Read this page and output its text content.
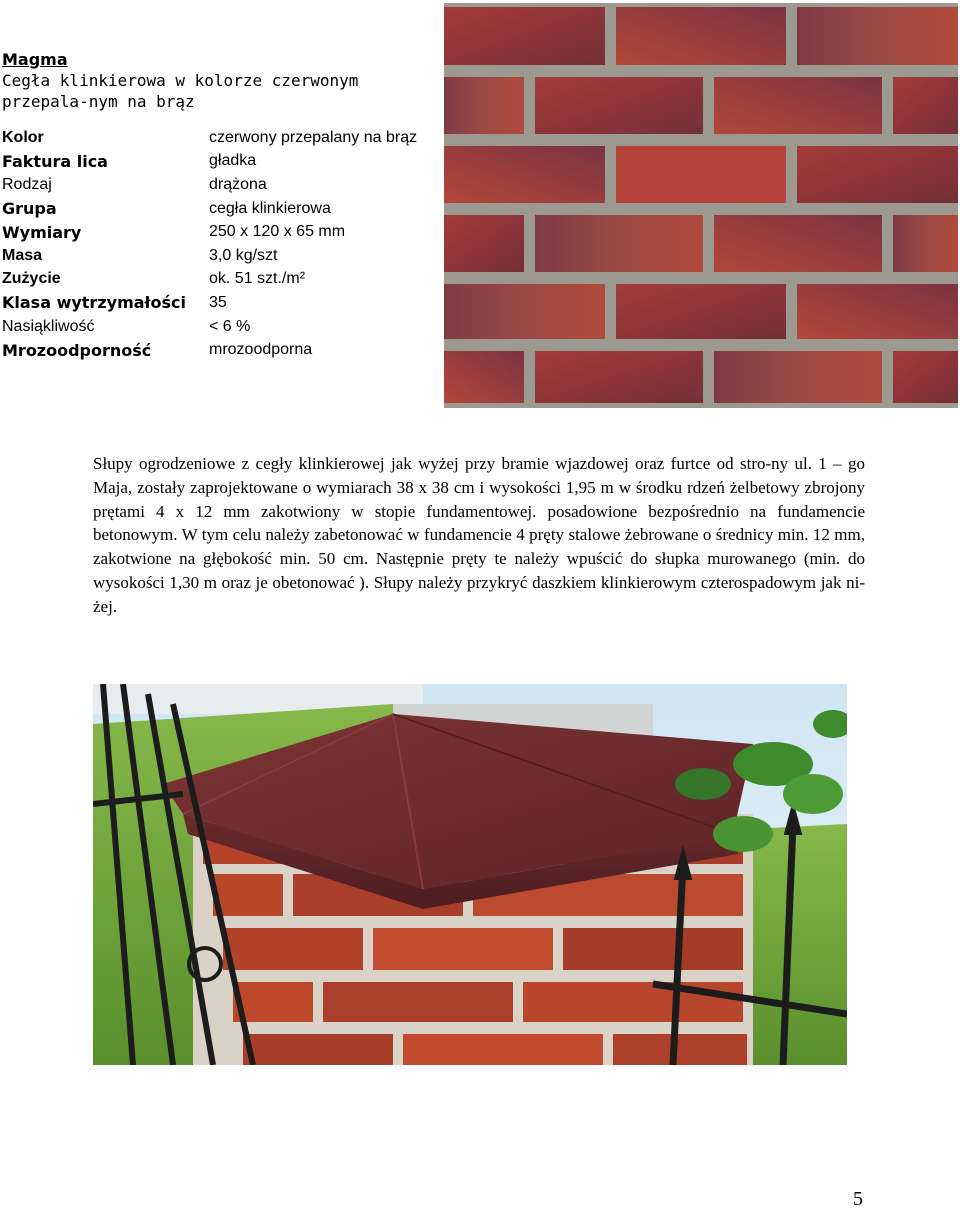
Magma

Cegła klinkierowa w kolorze czerwonym przepala-nym na brąz

Kolor	czerwony przepalany na brąz
Faktura lica	gładka
Rodzaj	drążona
Grupa	cegła klinkierowa
Wymiary	250 x 120 x 65 mm
Masa	3,0 kg/szt
Zużycie	ok. 51 szt./m²
Klasa wytrzymałości	35
Nasiąkliwość	< 6 %
Mrozoodporność	mrozoodporna

Słupy ogrodzeniowe z cegły klinkierowej jak wyżej przy bramie wjazdowej oraz furtce od stro-ny ul. 1 – go Maja, zostały zaprojektowane o wymiarach 38 x 38 cm i wysokości 1,95 m w środku rdzeń żelbetowy zbrojony prętami 4 x 12 mm zakotwiony w stopie fundamentowej. posadowione bezpośrednio na fundamencie betonowym. W tym celu należy zabetonować w fundamencie 4 pręty stalowe żebrowane o średnicy min. 12 mm, zakotwione na głębokość min. 50 cm. Następnie pręty te należy wpuścić do słupka murowanego (min. do wysokości 1,30 m oraz je obetonować ). Słupy należy przykryć daszkiem klinkierowym czterospadowym jak ni-żej.

5
